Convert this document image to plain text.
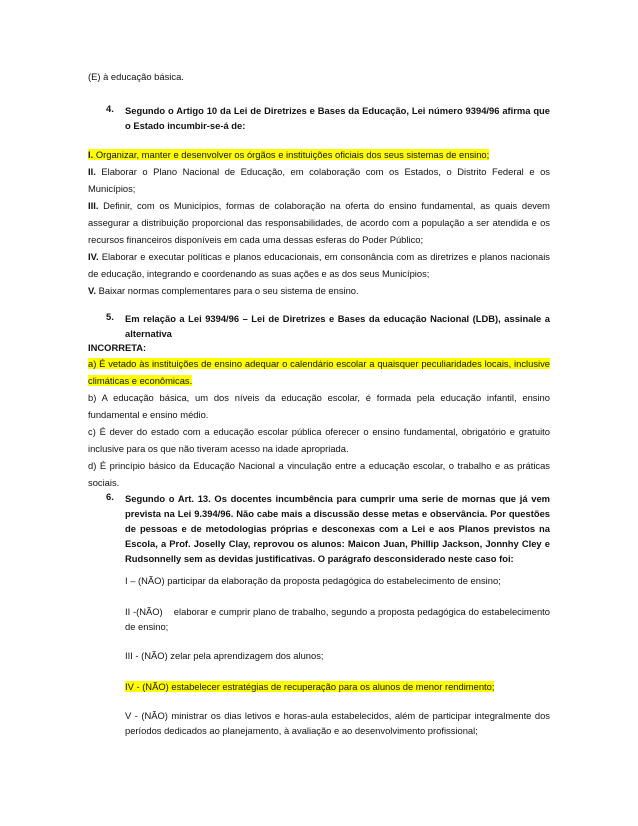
(E) à educação básica.

4.	Segundo o Artigo 10 da Lei de Diretrizes e Bases da Educação, Lei número 9394/96 afirma que o Estado incumbir-se-á de:

I. Organizar, manter e desenvolver os órgãos e instituições oficiais dos seus sistemas de ensino;

II. Elaborar o Plano Nacional de Educação, em colaboração com os Estados, o Distrito Federal e os Municípios;

III. Definir, com os Municípios, formas de colaboração na oferta do ensino fundamental, as quais devem assegurar a distribuição proporcional das responsabilidades, de acordo com a população a ser atendida e os recursos financeiros disponíveis em cada uma dessas esferas do Poder Público;

IV. Elaborar e executar políticas e planos educacionais, em consonância com as diretrizes e planos nacionais de educação, integrando e coordenando as suas ações e as dos seus Municípios;

V. Baixar normas complementares para o seu sistema de ensino.

5.	Em relação a Lei 9394/96 – Lei de Diretrizes e Bases da educação Nacional (LDB), assinale a alternativa

INCORRETA:

a) É vetado às instituições de ensino adequar o calendário escolar a quaisquer peculiaridades locais, inclusive climáticas e econômicas.

b) A educação básica, um dos níveis da educação escolar, é formada pela educação infantil, ensino fundamental e ensino médio.

c) É dever do estado com a educação escolar pública oferecer o ensino fundamental, obrigatório e gratuito inclusive para os que não tiveram acesso na idade apropriada.

d) É princípio básico da Educação Nacional a vinculação entre a educação escolar, o trabalho e as práticas sociais.

6.	Segundo o Art. 13. Os docentes incumbência para cumprir uma serie de mornas que já vem prevista na Lei 9.394/96. Não cabe mais a discussão desse metas e observância. Por questões de pessoas e de metodologias próprias e desconexas com a Lei e aos Planos previstos na Escola, a Prof. Joselly Clay, reprovou os alunos: Maicon Juan, Phillip Jackson, Jonnhy Cley e Rudsonnelly sem as devidas justificativas. O parágrafo desconsiderado neste caso foi:

I – (NÃO) participar da elaboração da proposta pedagógica do estabelecimento de ensino;

II -(NÃO)    elaborar e cumprir plano de trabalho, segundo a proposta pedagógica do estabelecimento de ensino;

III - (NÃO) zelar pela aprendizagem dos alunos;

IV - (NÃO) estabelecer estratégias de recuperação para os alunos de menor rendimento;

V - (NÃO) ministrar os dias letivos e horas-aula estabelecidos, além de participar integralmente dos períodos dedicados ao planejamento, à avaliação e ao desenvolvimento profissional;
